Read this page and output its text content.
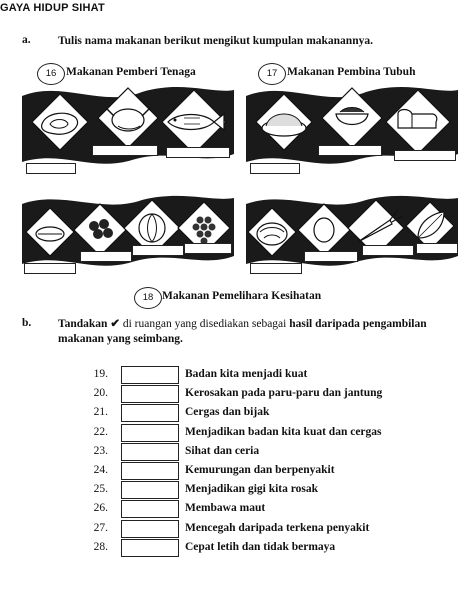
GAYA HIDUP SIHAT
a. Tulis nama makanan berikut mengikut kumpulan makanannya.
16 Makanan Pemberi Tenaga	17 Makanan Pembina Tubuh
18 Makanan Pemelihara Kesihatan
b. Tandakan ✔ di ruangan yang disediakan sebagai hasil daripada pengambilan
makanan yang seimbang.
19.	Badan kita menjadi kuat
20.	Kerosakan pada paru-paru dan jantung
21.	Cergas dan bijak
22.	Menjadikan badan kita kuat dan cergas
23.	Sihat dan ceria
24.	Kemurungan dan berpenyakit
25.	Menjadikan gigi kita rosak
26.	Membawa maut
27.	Mencegah daripada terkena penyakit
28.	Cepat letih dan tidak bermaya
